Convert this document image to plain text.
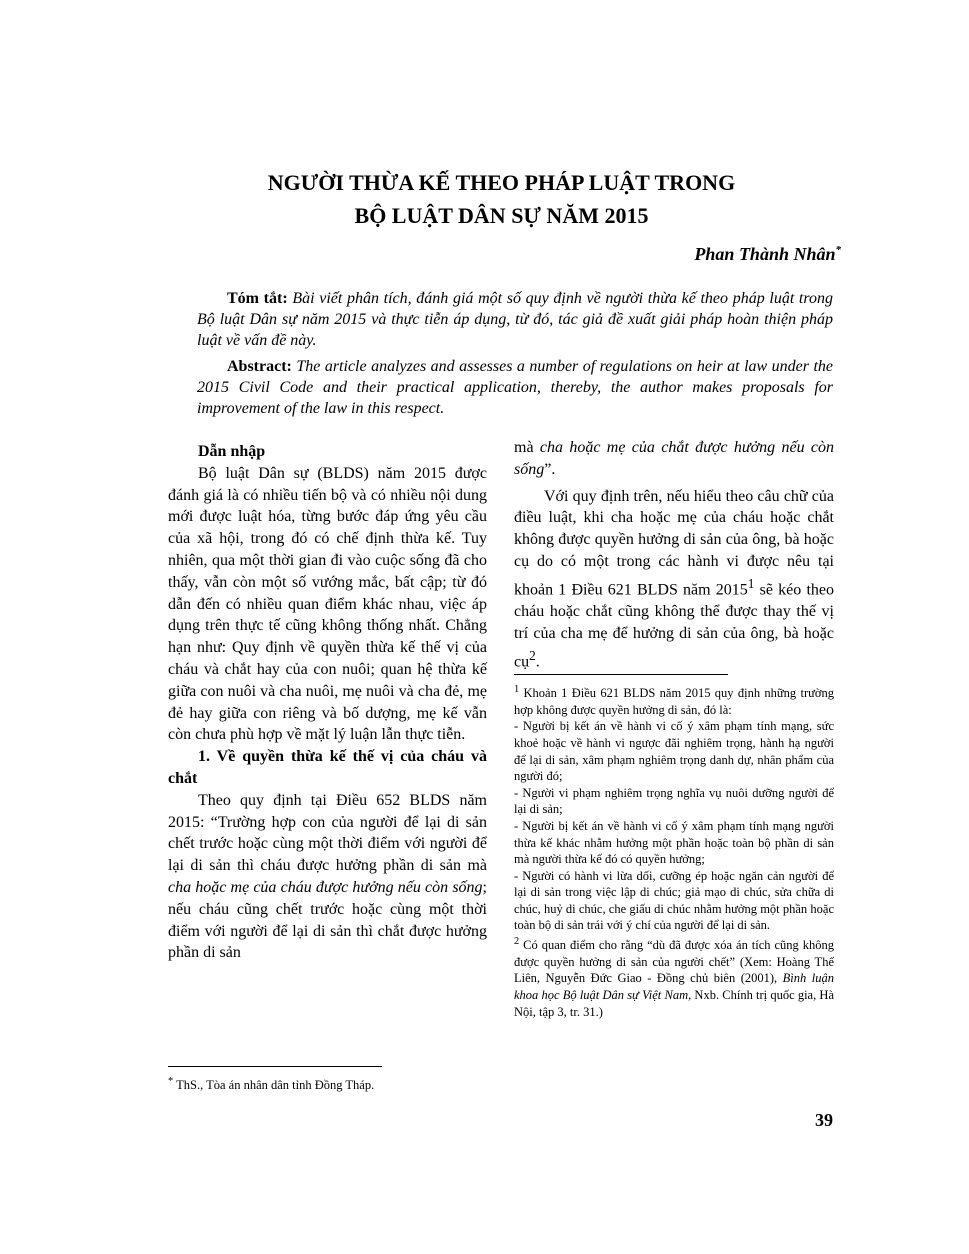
NGƯỜI THỪA KẾ THEO PHÁP LUẬT TRONG
BỘ LUẬT DÂN SỰ NĂM 2015
Phan Thành Nhân*
Tóm tắt: Bài viết phân tích, đánh giá một số quy định về người thừa kế theo pháp luật trong Bộ luật Dân sự năm 2015 và thực tiễn áp dụng, từ đó, tác giả đề xuất giải pháp hoàn thiện pháp luật về vấn đề này.
Abstract: The article analyzes and assesses a number of regulations on heir at law under the 2015 Civil Code and their practical application, thereby, the author makes proposals for improvement of the law in this respect.

Dẫn nhập

Bộ luật Dân sự (BLDS) năm 2015 được đánh giá là có nhiều tiến bộ và có nhiều nội dung mới được luật hóa, từng bước đáp ứng yêu cầu của xã hội, trong đó có chế định thừa kế. Tuy nhiên, qua một thời gian đi vào cuộc sống đã cho thấy, vẫn còn một số vướng mắc, bất cập; từ đó dẫn đến có nhiều quan điểm khác nhau, việc áp dụng trên thực tế cũng không thống nhất. Chẳng hạn như: Quy định về quyền thừa kế thế vị của cháu và chắt hay của con nuôi; quan hệ thừa kế giữa con nuôi và cha nuôi, mẹ nuôi và cha đẻ, mẹ đẻ hay giữa con riêng và bố dượng, mẹ kế vẫn còn chưa phù hợp về mặt lý luận lẫn thực tiễn.

1. Về quyền thừa kế thế vị của cháu và chắt

Theo quy định tại Điều 652 BLDS năm 2015: “Trường hợp con của người để lại di sản chết trước hoặc cùng một thời điểm với người để lại di sản thì cháu được hưởng phần di sản mà cha hoặc mẹ của cháu được hưởng nếu còn sống; nếu cháu cũng chết trước hoặc cùng một thời điểm với người để lại di sản thì chắt được hưởng phần di sản

* ThS., Tòa án nhân dân tỉnh Đồng Tháp.

mà cha hoặc mẹ của chắt được hưởng nếu còn sống”.

Với quy định trên, nếu hiểu theo câu chữ của điều luật, khi cha hoặc mẹ của cháu hoặc chắt không được quyền hưởng di sản của ông, bà hoặc cụ do có một trong các hành vi được nêu tại khoản 1 Điều 621 BLDS năm 2015$^1$ sẽ kéo theo cháu hoặc chắt cũng không thể được thay thế vị trí của cha mẹ để hưởng di sản của ông, bà hoặc cụ$^2$.

$^1$ Khoản 1 Điều 621 BLDS năm 2015 quy định những trường hợp không được quyền hưởng di sản, đó là:

- Người bị kết án về hành vi cố ý xâm phạm tính mạng, sức khoẻ hoặc về hành vi ngược đãi nghiêm trọng, hành hạ người để lại di sản, xâm phạm nghiêm trọng danh dự, nhân phẩm của người đó;

- Người vi phạm nghiêm trọng nghĩa vụ nuôi dưỡng người để lại di sản;

- Người bị kết án về hành vi cố ý xâm phạm tính mạng người thừa kế khác nhằm hưởng một phần hoặc toàn bộ phần di sản mà người thừa kế đó có quyền hưởng;

- Người có hành vi lừa dối, cưỡng ép hoặc ngăn cản người để lại di sản trong việc lập di chúc; giả mạo di chúc, sửa chữa di chúc, huỷ di chúc, che giấu di chúc nhằm hưởng một phần hoặc toàn bộ di sản trái với ý chí của người để lại di sản.

$^2$ Có quan điểm cho rằng “dù đã được xóa án tích cũng không được quyền hưởng di sản của người chết” (Xem: Hoàng Thế Liên, Nguyễn Đức Giao - Đồng chủ biên (2001), Bình luận khoa học Bộ luật Dân sự Việt Nam, Nxb. Chính trị quốc gia, Hà Nội, tập 3, tr. 31.)

39
